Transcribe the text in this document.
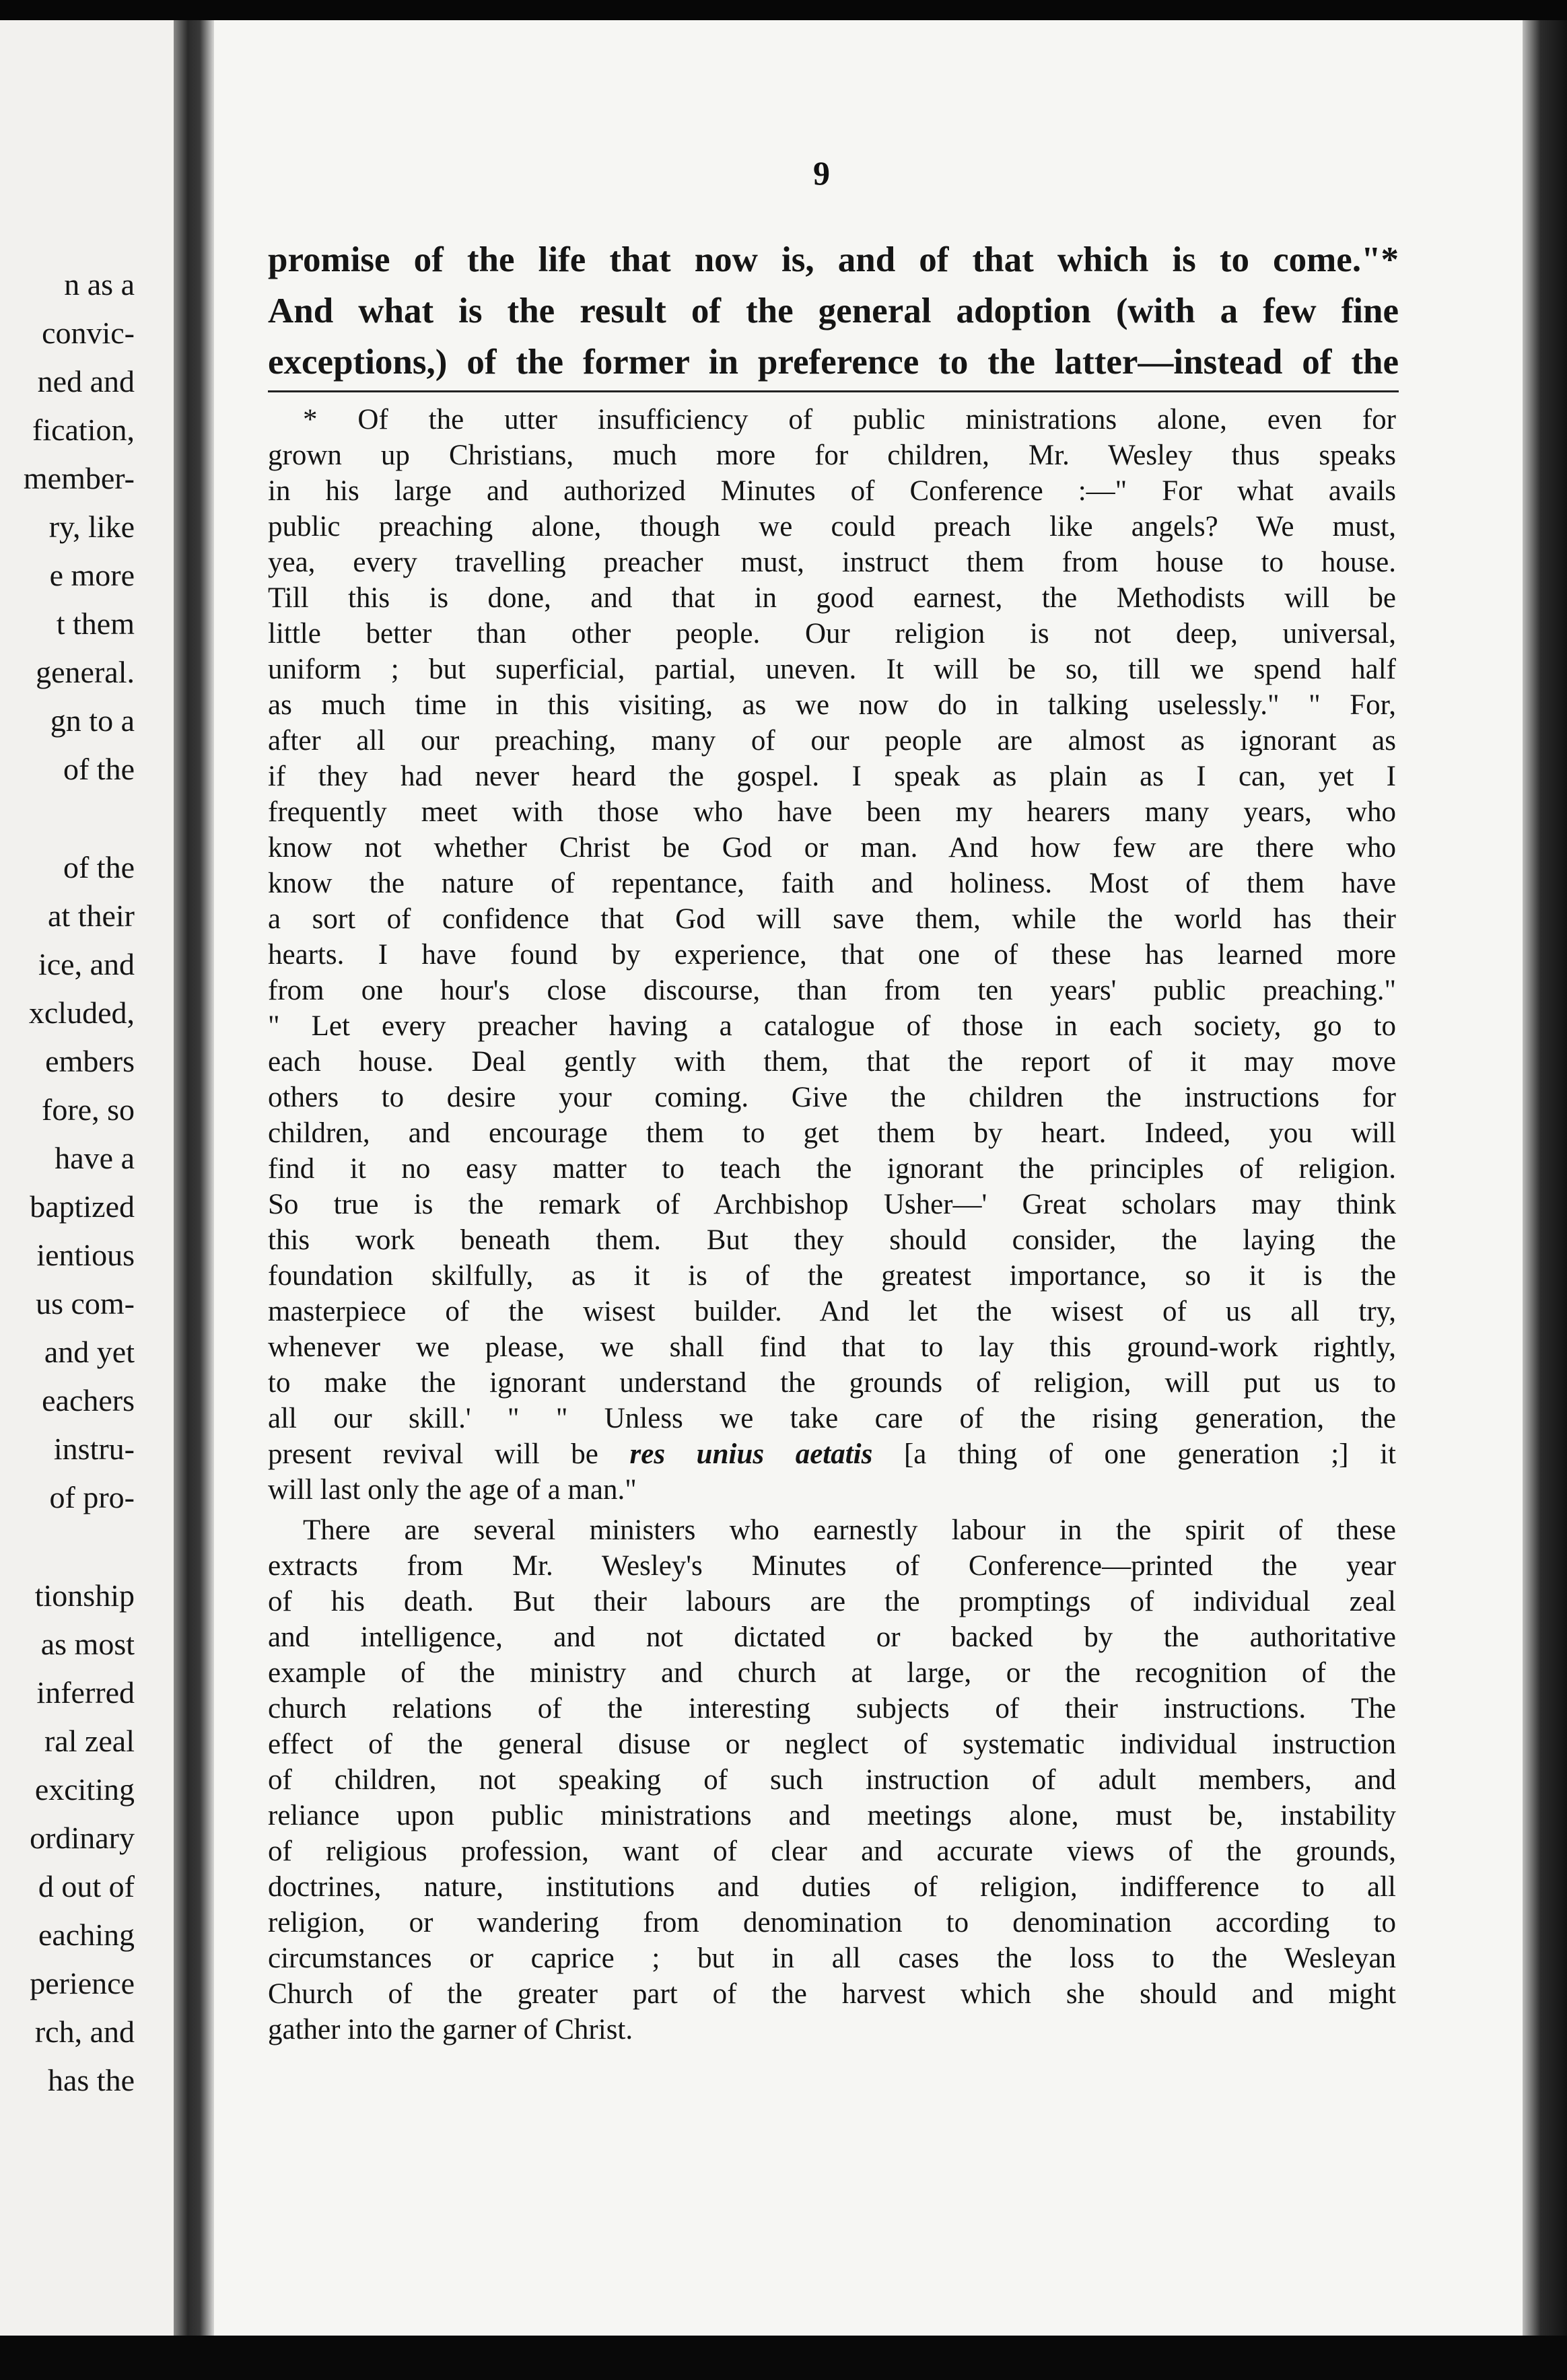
n as a
convic-
ned and
fication,
member-
ry, like
e more
t them
general.
gn to a
of the
of the
at their
ice, and
xcluded,
embers
fore, so
have a
baptized
ientious
us com-
and yet
eachers
instru-
of pro-
tionship
as most
inferred
ral zeal
exciting
ordinary
d out of
eaching
perience
rch, and
has the
9
promise of the life that now is, and of that which is to come."*
And what is the result of the general adoption (with a few fine
exceptions,) of the former in preference to the latter—instead of the
* Of the utter insufficiency of public ministrations alone, even for
grown up Christians, much more for children, Mr. Wesley thus speaks
in his large and authorized Minutes of Conference :—" For what avails
public preaching alone, though we could preach like angels? We must,
yea, every travelling preacher must, instruct them from house to house.
Till this is done, and that in good earnest, the Methodists will be
little better than other people. Our religion is not deep, universal,
uniform ; but superficial, partial, uneven. It will be so, till we spend half
as much time in this visiting, as we now do in talking uselessly." " For,
after all our preaching, many of our people are almost as ignorant as
if they had never heard the gospel. I speak as plain as I can, yet I
frequently meet with those who have been my hearers many years, who
know not whether Christ be God or man. And how few are there who
know the nature of repentance, faith and holiness. Most of them have
a sort of confidence that God will save them, while the world has their
hearts. I have found by experience, that one of these has learned more
from one hour's close discourse, than from ten years' public preaching."
" Let every preacher having a catalogue of those in each society, go to
each house. Deal gently with them, that the report of it may move
others to desire your coming. Give the children the instructions for
children, and encourage them to get them by heart. Indeed, you will
find it no easy matter to teach the ignorant the principles of religion.
So true is the remark of Archbishop Usher—' Great scholars may think
this work beneath them. But they should consider, the laying the
foundation skilfully, as it is of the greatest importance, so it is the
masterpiece of the wisest builder. And let the wisest of us all try,
whenever we please, we shall find that to lay this ground-work rightly,
to make the ignorant understand the grounds of religion, will put us to
all our skill.' " " Unless we take care of the rising generation, the
present revival will be res unius aetatis [a thing of one generation ;] it
will last only the age of a man."
There are several ministers who earnestly labour in the spirit of these
extracts from Mr. Wesley's Minutes of Conference—printed the year
of his death. But their labours are the promptings of individual zeal
and intelligence, and not dictated or backed by the authoritative
example of the ministry and church at large, or the recognition of the
church relations of the interesting subjects of their instructions. The
effect of the general disuse or neglect of systematic individual instruction
of children, not speaking of such instruction of adult members, and
reliance upon public ministrations and meetings alone, must be, instability
of religious profession, want of clear and accurate views of the grounds,
doctrines, nature, institutions and duties of religion, indifference to all
religion, or wandering from denomination to denomination according to
circumstances or caprice ; but in all cases the loss to the Wesleyan
Church of the greater part of the harvest which she should and might
gather into the garner of Christ.
